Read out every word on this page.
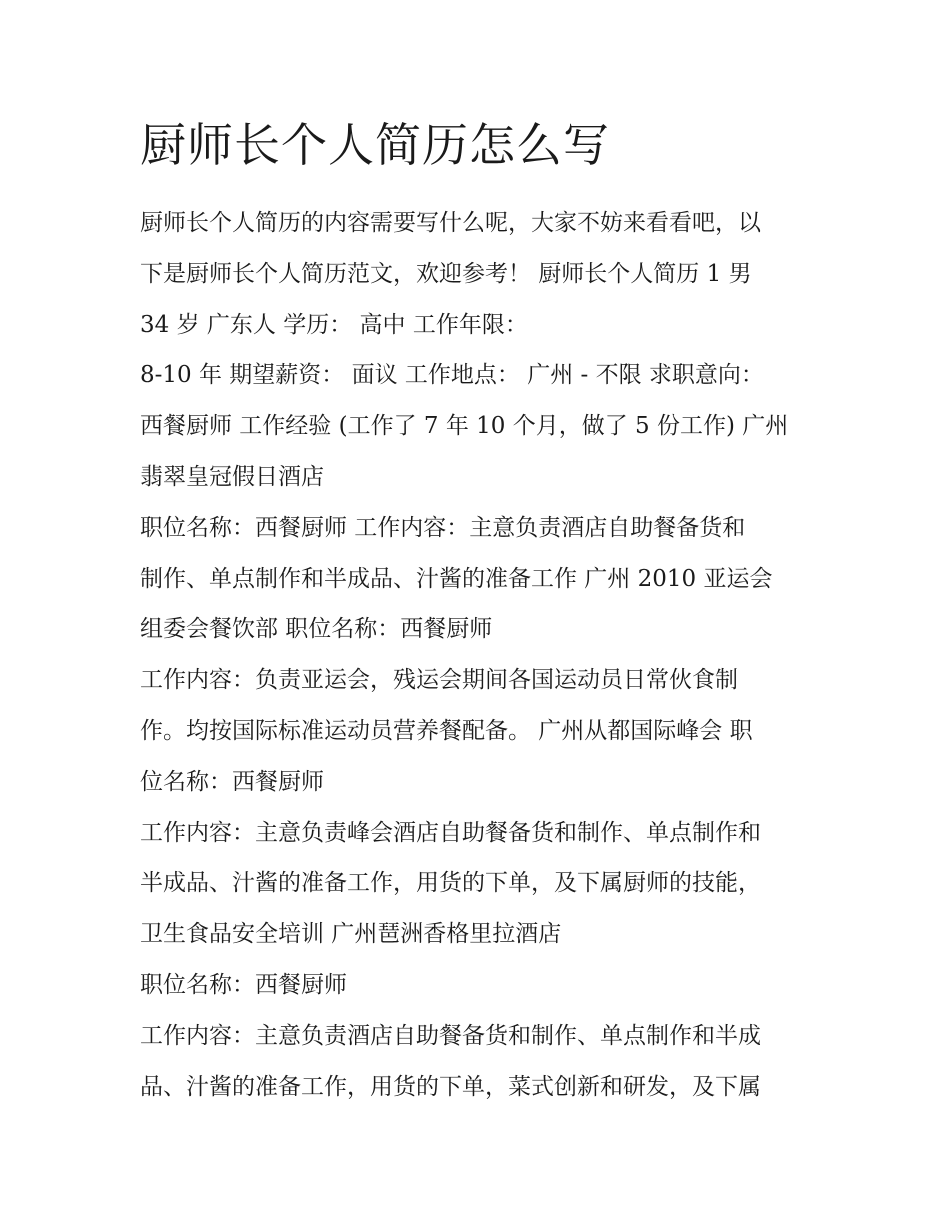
厨师长个人简历怎么写
厨师长个人简历的内容需要写什么呢，大家不妨来看看吧，以
下是厨师长个人简历范文，欢迎参考！ 厨师长个人简历 1 男
34 岁 广东人 学历： 高中 工作年限：
8-10 年 期望薪资： 面议 工作地点： 广州 - 不限 求职意向：
西餐厨师 工作经验 (工作了 7 年 10 个月，做了 5 份工作) 广州
翡翠皇冠假日酒店
职位名称：西餐厨师 工作内容：主意负责酒店自助餐备货和
制作、单点制作和半成品、汁酱的准备工作 广州 2010 亚运会
组委会餐饮部 职位名称：西餐厨师
工作内容：负责亚运会，残运会期间各国运动员日常伙食制
作。均按国际标准运动员营养餐配备。 广州从都国际峰会 职
位名称：西餐厨师
工作内容：主意负责峰会酒店自助餐备货和制作、单点制作和
半成品、汁酱的准备工作，用货的下单，及下属厨师的技能，
卫生食品安全培训 广州琶洲香格里拉酒店
职位名称：西餐厨师
工作内容：主意负责酒店自助餐备货和制作、单点制作和半成
品、汁酱的准备工作，用货的下单，菜式创新和研发，及下属
